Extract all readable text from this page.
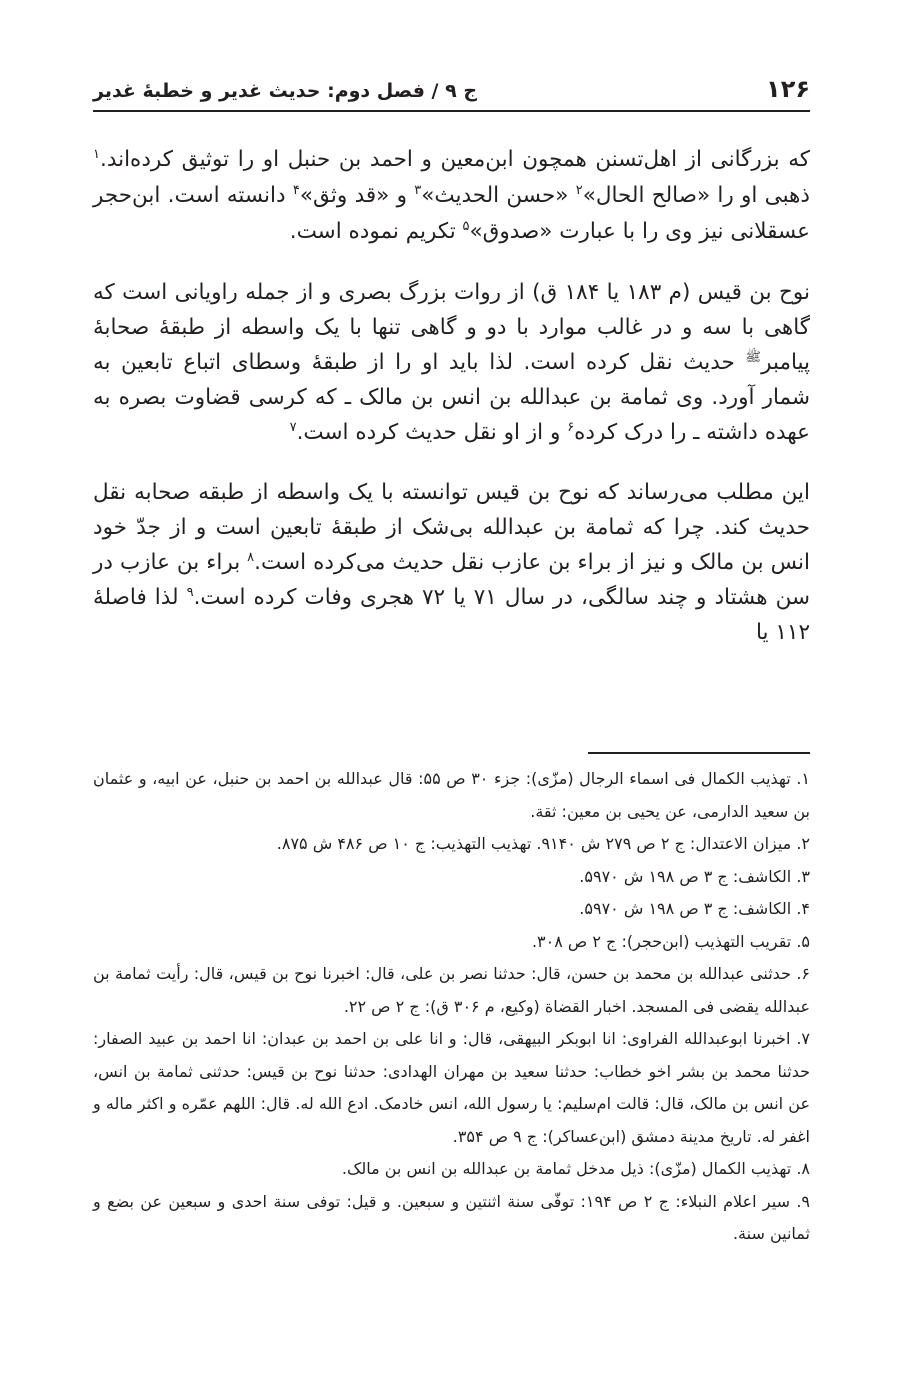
۱۲۶
ج ۹ / فصل دوم: حدیث غدیر و خطبهٔ غدیر

که بزرگانی از اهل‌تسنن همچون ابن‌معین و احمد بن حنبل او را توثیق کرده‌اند.$^۱$ ذهبی او را «صالح الحال»$^۲$ «حسن الحدیث»$^۳$ و «قد وثق»$^۴$ دانسته است. ابن‌حجر عسقلانی نیز وی را با عبارت «صدوق»$^۵$ تکریم نموده است.

نوح بن قیس (م ۱۸۳ یا ۱۸۴ ق) از روات بزرگ بصری و از جمله راویانی است که گاهی با سه و در غالب موارد با دو و گاهی تنها با یک واسطه از طبقهٔ صحابهٔ پیامبر$^ﷺ$ حدیث نقل کرده است. لذا باید او را از طبقهٔ وسطای اتباع تابعین به شمار آورد. وی ثمامة بن عبدالله بن انس بن مالک ـ که کرسی قضاوت بصره به عهده داشته ـ را درک کرده$^۶$ و از او نقل حدیث کرده است.$^۷$

این مطلب می‌رساند که نوح بن قیس توانسته با یک واسطه از طبقه صحابه نقل حدیث کند. چرا که ثمامة بن عبدالله بی‌شک از طبقهٔ تابعین است و از جدّ خود انس بن مالک و نیز از براء بن عازب نقل حدیث می‌کرده است.$^۸$ براء بن عازب در سن هشتاد و چند سالگی، در سال ۷۱ یا ۷۲ هجری وفات کرده است.$^۹$ لذا فاصلهٔ ۱۱۲ یا

۱. تهذیب الکمال فی اسماء الرجال (مزّی): جزء ۳۰ ص ۵۵: قال عبدالله بن احمد بن حنبل، عن ابیه، و عثمان بن سعید الدارمی، عن یحیی بن معین: ثقة.

۲. میزان الاعتدال: ج ۲ ص ۲۷۹ ش ۹۱۴۰. تهذیب التهذیب: ج ۱۰ ص ۴۸۶ ش ۸۷۵.

۳. الکاشف: ج ۳ ص ۱۹۸ ش ۵۹۷۰.

۴. الکاشف: ج ۳ ص ۱۹۸ ش ۵۹۷۰.

۵. تقریب التهذیب (ابن‌حجر): ج ۲ ص ۳۰۸.

۶. حدثنی عبدالله بن محمد بن حسن، قال: حدثنا نصر بن علی، قال: اخبرنا نوح بن قیس، قال: رأیت ثمامة بن عبدالله یقضی فی المسجد. اخبار القضاة (وکیع، م ۳۰۶ ق): ج ۲ ص ۲۲.

۷. اخبرنا ابوعبدالله الفراوی: انا ابوبکر البیهقی، قال: و انا علی بن احمد بن عبدان: انا احمد بن عبید الصفار: حدثنا محمد بن بشر اخو خطاب: حدثنا سعید بن مهران الهدادی: حدثنا نوح بن قیس: حدثنی ثمامة بن انس، عن انس بن مالک، قال: قالت ام‌سلیم: یا رسول الله، انس خادمک. ادع الله له. قال: اللهم عمّره و اکثر ماله و اغفر له. تاریخ مدینة دمشق (ابن‌عساکر): ج ۹ ص ۳۵۴.

۸. تهذیب الکمال (مزّی): ذیل مدخل ثمامة بن عبدالله بن انس بن مالک.

۹. سیر اعلام النبلاء: ج ۲ ص ۱۹۴: توفّی سنة اثنتین و سبعین. و قیل: توفی سنة احدی و سبعین عن بضع و ثمانین سنة.
